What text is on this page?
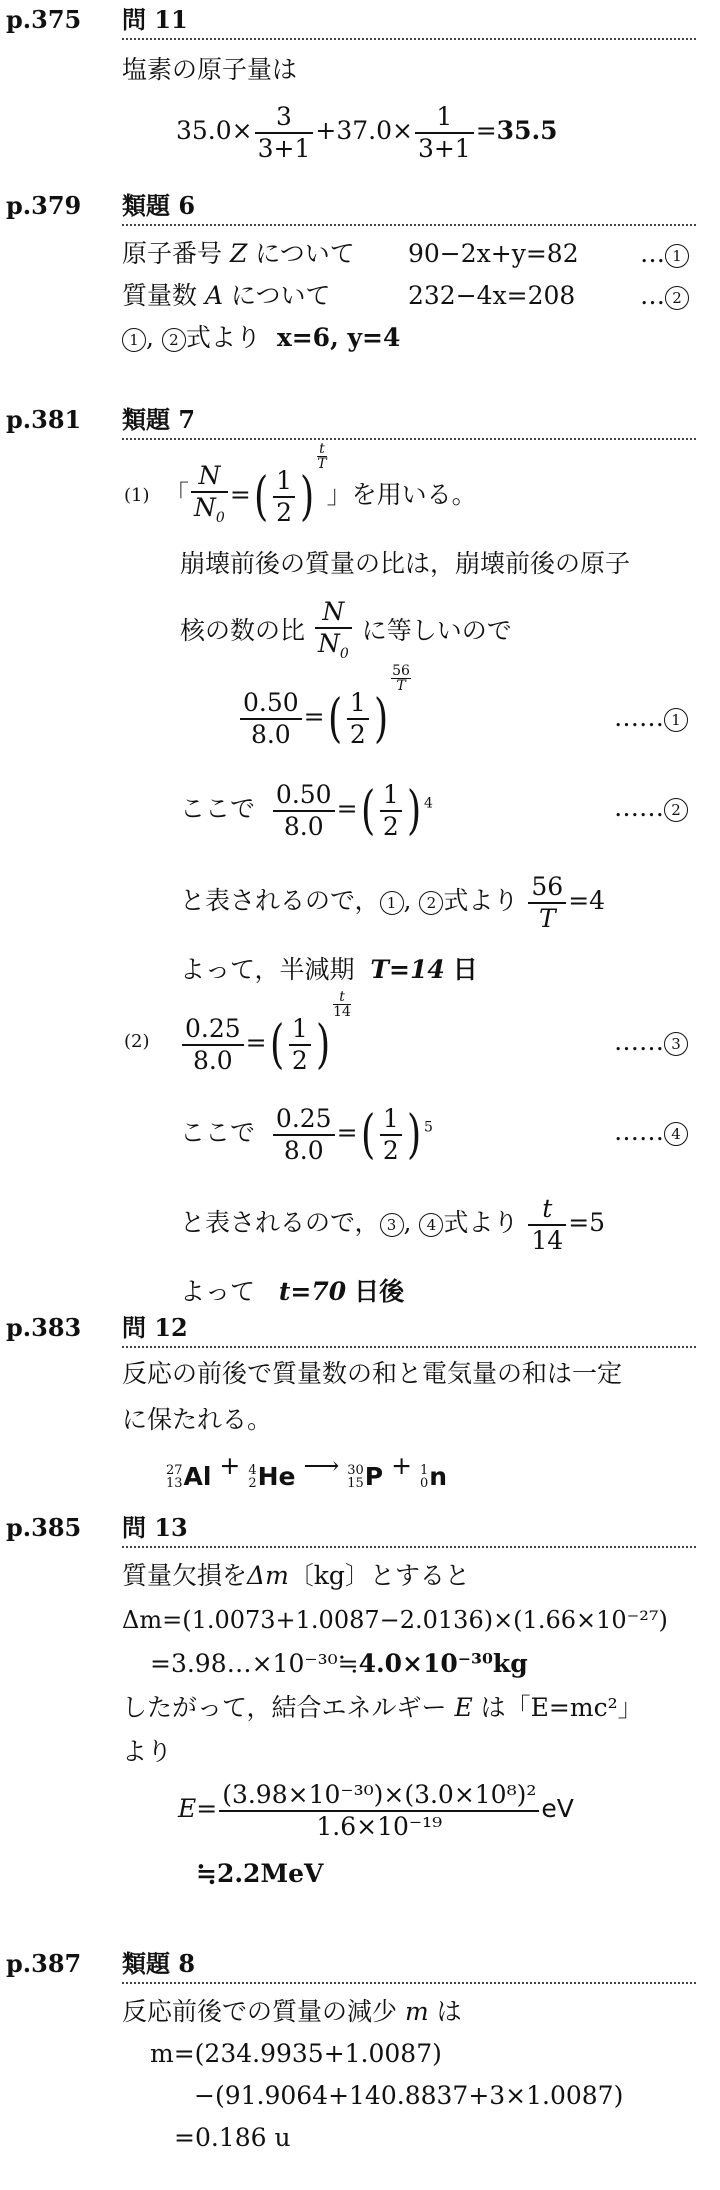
p.375 問 11
塩素の原子量は
$35.0\times \frac{3}{3+1} +37.0\times \frac{1}{3+1} =35.5$
p.379 類題 6
原子番号 Z について 90−2x+y=82 … 1
質量数 A について	232−4x=208	… 2
1 , 2 式より x=6, y=4
p.381 類題 7
(1) 「 $\frac{N}{N_0}$ =( $\frac{1}{2}$ )
$\frac{t}{T}$
」を用いる。
崩壊前後の質量の比は，崩壊前後の原子
核の数の比 $\frac{N}{N_0}$ に等しいので
$\frac{0.50}{8.0}$ =( $\frac{1}{2}$ )
$\frac{56}{T}$
…… 1
ここで $\frac{0.50}{8.0}$ =( $\frac{1}{2}$ ) $^4$	…… 2
と表されるので， 1 , 2 式より $\frac{56}{T} =4$
よって，半減期 T=14 日
$(2) \frac{0.25}{8.0}$ =( $\frac{1}{2}$ )
$\frac{t}{14}$
…… 3
ここで $\frac{0.25}{8.0}$ =( $\frac{1}{2}$ ) $^5$	…… 4
と表されるので， 3 , 4 式より $\frac{t}{14} =5$
よって t=70 日後
p.383 問 12
反応の前後で質量数の和と電気量の和は一定
に保たれる。
27
13 Al + 4
2 He ⟶ 30
15 P + 1
0 n
p.385 問 13
質量欠損をΔm〔kg〕とすると
Δm=(1.0073+1.0087−2.0136)×(1.66×10⁻²⁷)
=3.98…×10⁻³⁰≒4.0×10⁻³⁰kg
したがって，結合エネルギー E は「E=mc²」
より
$E= \frac{\text{(3.98×10⁻³⁰)×(3.0×10⁸)²}}{\text{1.6×10⁻¹⁹}}$ eV
≒2.2MeV
p.387 類題 8
反応前後での質量の減少 m は
m=(234.9935+1.0087)
−(91.9064+140.8837+3×1.0087)
=0.186 u
